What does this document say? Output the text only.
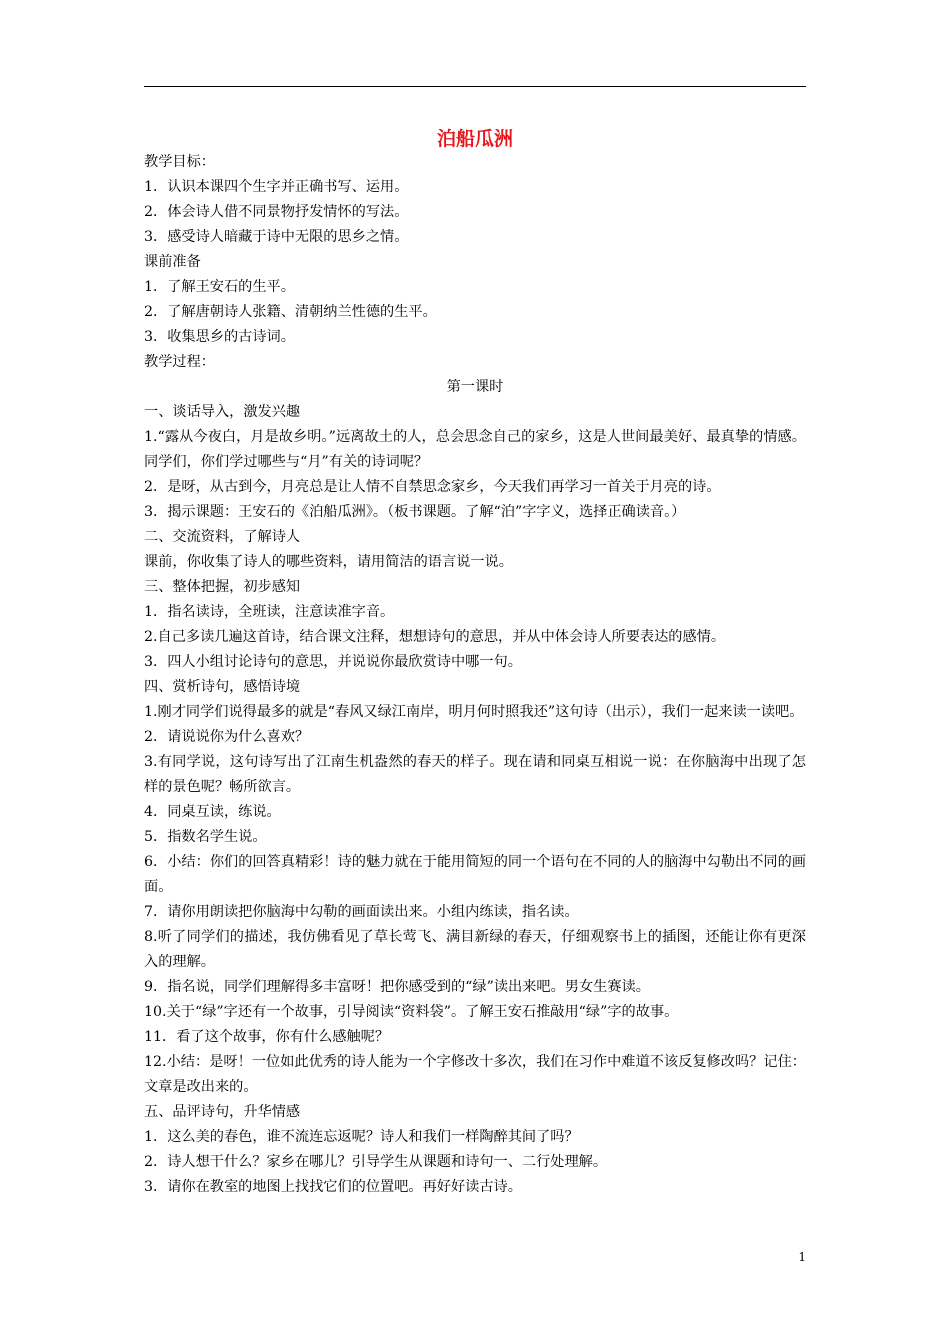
泊船瓜洲
教学目标：
1．认识本课四个生字并正确书写、运用。
2．体会诗人借不同景物抒发情怀的写法。
3．感受诗人暗藏于诗中无限的思乡之情。
课前准备
1．了解王安石的生平。
2．了解唐朝诗人张籍、清朝纳兰性德的生平。
3．收集思乡的古诗词。
教学过程：
第一课时
一、谈话导入，激发兴趣
1.“露从今夜白，月是故乡明。”远离故土的人，总会思念自己的家乡，这是人世间最美好、最真挚的情感。同学们，你们学过哪些与“月”有关的诗词呢？
2．是呀，从古到今，月亮总是让人情不自禁思念家乡，今天我们再学习一首关于月亮的诗。
3．揭示课题：王安石的《泊船瓜洲》。（板书课题。了解“泊”字字义，选择正确读音。）
二、交流资料，了解诗人
课前，你收集了诗人的哪些资料，请用简洁的语言说一说。
三、整体把握，初步感知
1．指名读诗，全班读，注意读准字音。
2.自己多读几遍这首诗，结合课文注释，想想诗句的意思，并从中体会诗人所要表达的感情。
3．四人小组讨论诗句的意思，并说说你最欣赏诗中哪一句。
四、赏析诗句，感悟诗境
1.刚才同学们说得最多的就是“春风又绿江南岸，明月何时照我还”这句诗（出示），我们一起来读一读吧。
2．请说说你为什么喜欢？
3.有同学说，这句诗写出了江南生机盎然的春天的样子。现在请和同桌互相说一说：在你脑海中出现了怎样的景色呢？畅所欲言。
4．同桌互读，练说。
5．指数名学生说。
6．小结：你们的回答真精彩！诗的魅力就在于能用简短的同一个语句在不同的人的脑海中勾勒出不同的画面。
7．请你用朗读把你脑海中勾勒的画面读出来。小组内练读，指名读。
8.听了同学们的描述，我仿佛看见了草长莺飞、满目新绿的春天，仔细观察书上的插图，还能让你有更深入的理解。
9．指名说，同学们理解得多丰富呀！把你感受到的“绿”读出来吧。男女生赛读。
10.关于“绿”字还有一个故事，引导阅读“资料袋”。了解王安石推敲用“绿”字的故事。
11．看了这个故事，你有什么感触呢？
12.小结：是呀！一位如此优秀的诗人能为一个字修改十多次，我们在习作中难道不该反复修改吗？记住：文章是改出来的。
五、品评诗句，升华情感
1．这么美的春色，谁不流连忘返呢？诗人和我们一样陶醉其间了吗？
2．诗人想干什么？家乡在哪儿？引导学生从课题和诗句一、二行处理解。
3．请你在教室的地图上找找它们的位置吧。再好好读古诗。
1
